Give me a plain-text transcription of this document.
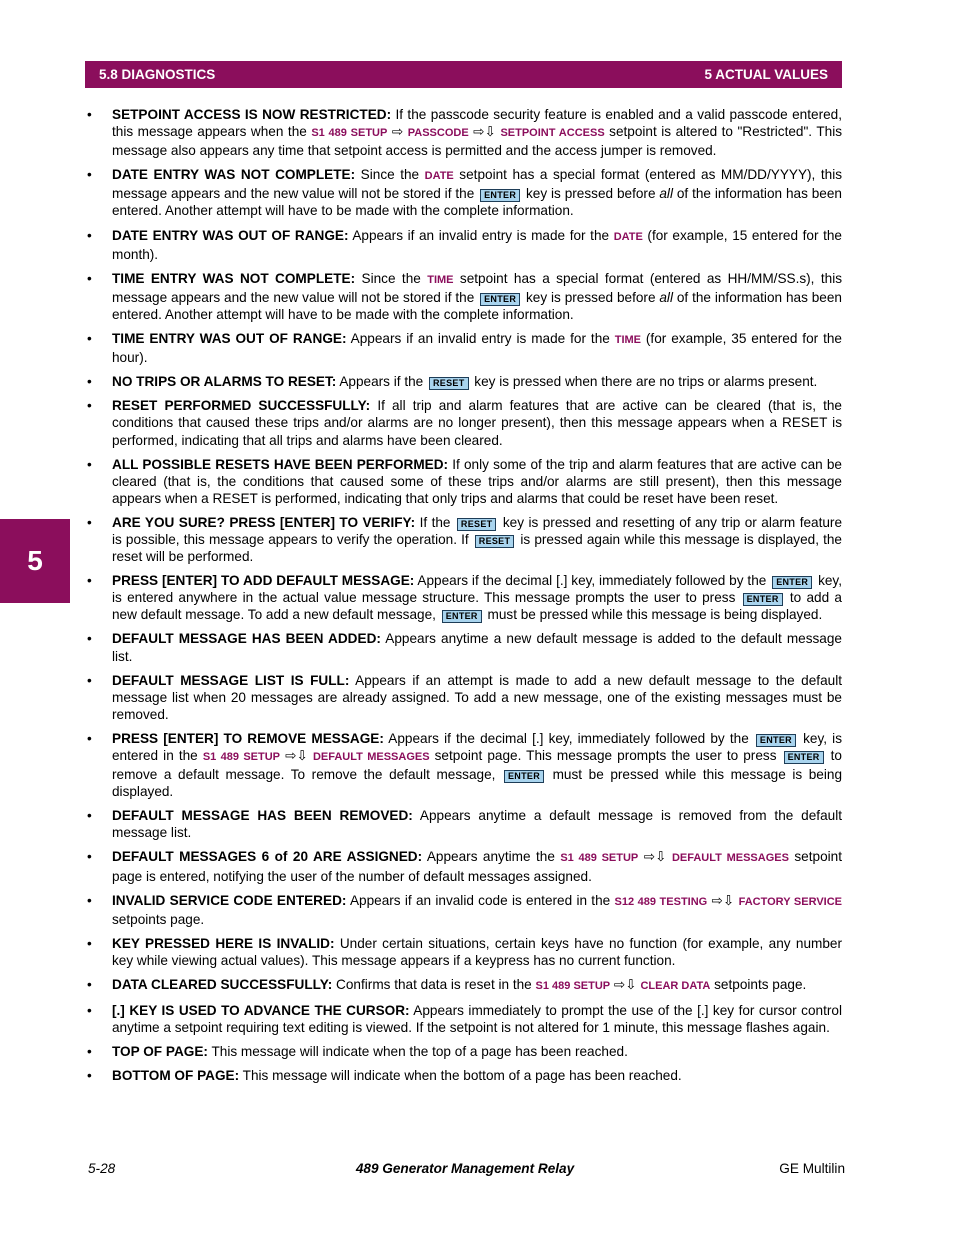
5.8 DIAGNOSTICS	5 ACTUAL VALUES
5
• SETPOINT ACCESS IS NOW RESTRICTED: If the passcode security feature is enabled and a valid passcode entered, this message appears when the S1 489 SETUP ⇨ PASSCODE ⇨⇩ SETPOINT ACCESS setpoint is altered to "Restricted". This message also appears any time that setpoint access is permitted and the access jumper is removed.
• DATE ENTRY WAS NOT COMPLETE: Since the DATE setpoint has a special format (entered as MM/DD/YYYY), this message appears and the new value will not be stored if the ENTER key is pressed before all of the information has been entered. Another attempt will have to be made with the complete information.
• DATE ENTRY WAS OUT OF RANGE: Appears if an invalid entry is made for the DATE (for example, 15 entered for the month).
• TIME ENTRY WAS NOT COMPLETE: Since the TIME setpoint has a special format (entered as HH/MM/SS.s), this message appears and the new value will not be stored if the ENTER key is pressed before all of the information has been entered. Another attempt will have to be made with the complete information.
• TIME ENTRY WAS OUT OF RANGE: Appears if an invalid entry is made for the TIME (for example, 35 entered for the hour).
• NO TRIPS OR ALARMS TO RESET: Appears if the RESET key is pressed when there are no trips or alarms present.
• RESET PERFORMED SUCCESSFULLY: If all trip and alarm features that are active can be cleared (that is, the conditions that caused these trips and/or alarms are no longer present), then this message appears when a RESET is performed, indicating that all trips and alarms have been cleared.
• ALL POSSIBLE RESETS HAVE BEEN PERFORMED: If only some of the trip and alarm features that are active can be cleared (that is, the conditions that caused some of these trips and/or alarms are still present), then this message appears when a RESET is performed, indicating that only trips and alarms that could be reset have been reset.
• ARE YOU SURE? PRESS [ENTER] TO VERIFY: If the RESET key is pressed and resetting of any trip or alarm feature is possible, this message appears to verify the operation. If RESET is pressed again while this message is displayed, the reset will be performed.
• PRESS [ENTER] TO ADD DEFAULT MESSAGE: Appears if the decimal [.] key, immediately followed by the ENTER key, is entered anywhere in the actual value message structure. This message prompts the user to press ENTER to add a new default message. To add a new default message, ENTER must be pressed while this message is being displayed.
• DEFAULT MESSAGE HAS BEEN ADDED: Appears anytime a new default message is added to the default message list.
• DEFAULT MESSAGE LIST IS FULL: Appears if an attempt is made to add a new default message to the default message list when 20 messages are already assigned. To add a new message, one of the existing messages must be removed.
• PRESS [ENTER] TO REMOVE MESSAGE: Appears if the decimal [.] key, immediately followed by the ENTER key, is entered in the S1 489 SETUP ⇨⇩ DEFAULT MESSAGES setpoint page. This message prompts the user to press ENTER to remove a default message. To remove the default message, ENTER must be pressed while this message is being displayed.
• DEFAULT MESSAGE HAS BEEN REMOVED: Appears anytime a default message is removed from the default message list.
• DEFAULT MESSAGES 6 of 20 ARE ASSIGNED: Appears anytime the S1 489 SETUP ⇨⇩ DEFAULT MESSAGES setpoint page is entered, notifying the user of the number of default messages assigned.
• INVALID SERVICE CODE ENTERED: Appears if an invalid code is entered in the S12 489 TESTING ⇨⇩ FACTORY SERVICE setpoints page.
• KEY PRESSED HERE IS INVALID: Under certain situations, certain keys have no function (for example, any number key while viewing actual values). This message appears if a keypress has no current function.
• DATA CLEARED SUCCESSFULLY: Confirms that data is reset in the S1 489 SETUP ⇨⇩ CLEAR DATA setpoints page.
• [.] KEY IS USED TO ADVANCE THE CURSOR: Appears immediately to prompt the use of the [.] key for cursor control anytime a setpoint requiring text editing is viewed. If the setpoint is not altered for 1 minute, this message flashes again.
• TOP OF PAGE: This message will indicate when the top of a page has been reached.
• BOTTOM OF PAGE: This message will indicate when the bottom of a page has been reached.
5-28	489 Generator Management Relay	GE Multilin
